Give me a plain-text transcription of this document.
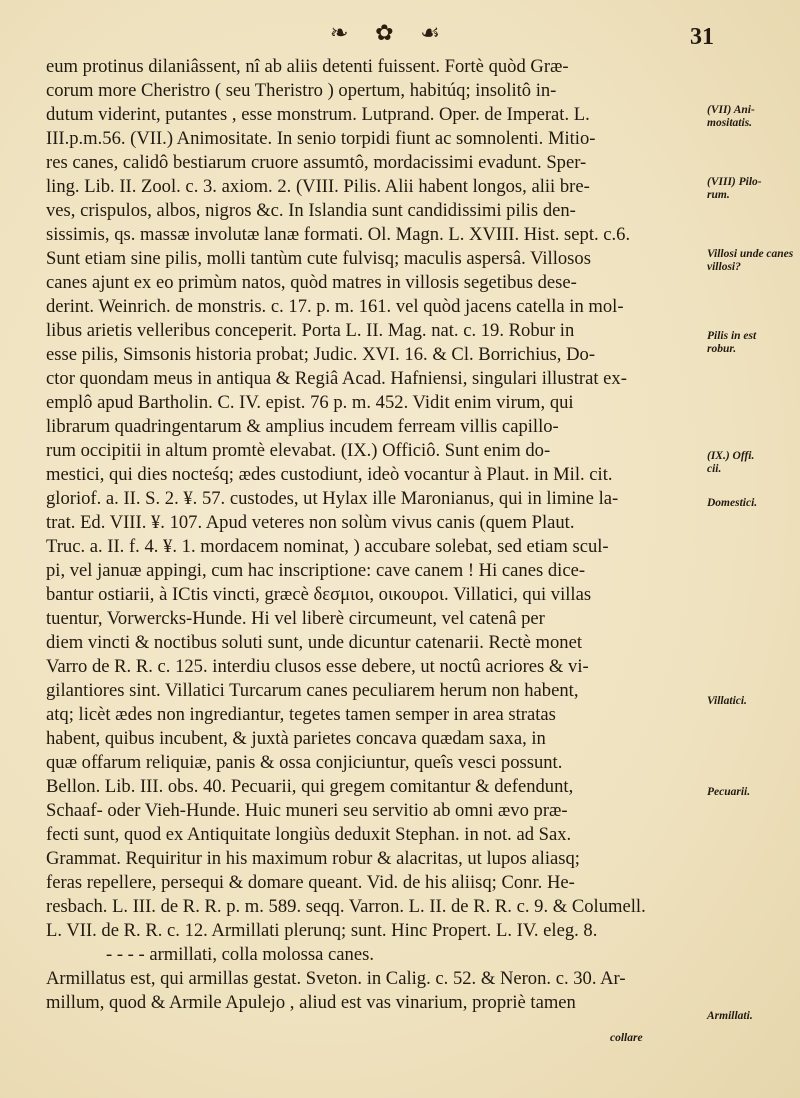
❧ ✿ ☙	31
eum protinus dilaniâssent, nî ab aliis detenti fuissent. Fortè quòd Græ-
corum more Cheristro ( seu Theristro ) opertum, habitúq; insolitô in-
dutum viderint, putantes , esse monstrum. Lutprand. Oper. de Imperat. L.
III.p.m.56. (VII.) Animositate. In senio torpidi fiunt ac somnolenti. Mitio-
res canes, calidô bestiarum cruore assumtô, mordacissimi evadunt. Sper-
ling. Lib. II. Zool. c. 3. axiom. 2. (VIII. Pilis. Alii habent longos, alii bre-
ves, crispulos, albos, nigros &c. In Islandia sunt candidissimi pilis den-
sissimis, qs. massæ involutæ lanæ formati. Ol. Magn. L. XVIII. Hist. sept. c.6.
Sunt etiam sine pilis, molli tantùm cute fulvisq; maculis aspersâ. Villosos
canes ajunt ex eo primùm natos, quòd matres in villosis segetibus dese-
derint. Weinrich. de monstris. c. 17. p. m. 161. vel quòd jacens catella in mol-
libus arietis velleribus conceperit. Porta L. II. Mag. nat. c. 19. Robur in
esse pilis, Simsonis historia probat; Judic. XVI. 16. & Cl. Borrichius, Do-
ctor quondam meus in antiqua & Regiâ Acad. Hafniensi, singulari illustrat ex-
emplô apud Bartholin. C. IV. epist. 76 p. m. 452. Vidit enim virum, qui
librarum quadringentarum & amplius incudem ferream villis capillo-
rum occipitii in altum promtè elevabat. (IX.) Officiô. Sunt enim do-
mestici, qui dies nocteśq; ædes custodiunt, ideò vocantur à Plaut. in Mil. cit.
gloriof. a. II. S. 2. ¥. 57. custodes, ut Hylax ille Maronianus, qui in limine la-
trat. Ed. VIII. ¥. 107. Apud veteres non solùm vivus canis (quem Plaut.
Truc. a. II. f. 4. ¥. 1. mordacem nominat, ) accubare solebat, sed etiam scul-
pi, vel januæ appingi, cum hac inscriptione: cave canem ! Hi canes dice-
bantur ostiarii, à ICtis vincti, græcè δεσμιοι, οικουροι. Villatici, qui villas
tuentur, Vorwercks-Hunde. Hi vel liberè circumeunt, vel catenâ per
diem vincti & noctibus soluti sunt, unde dicuntur catenarii. Rectè monet
Varro de R. R. c. 125. interdiu clusos esse debere, ut noctû acriores & vi-
gilantiores sint. Villatici Turcarum canes peculiarem herum non habent,
atq; licèt ædes non ingrediantur, tegetes tamen semper in area stratas
habent, quibus incubent, & juxtà parietes concava quædam saxa, in
quæ offarum reliquiæ, panis & ossa conjiciuntur, queîs vesci possunt.
Bellon. Lib. III. obs. 40. Pecuarii, qui gregem comitantur & defendunt,
Schaaf- oder Vieh-Hunde. Huic muneri seu servitio ab omni ævo præ-
fecti sunt, quod ex Antiquitate longiùs deduxit Stephan. in not. ad Sax.
Grammat. Requiritur in his maximum robur & alacritas, ut lupos aliasq;
feras repellere, persequi & domare queant. Vid. de his aliisq; Conr. He-
resbach. L. III. de R. R. p. m. 589. seqq. Varron. L. II. de R. R. c. 9. & Columell.
L. VII. de R. R. c. 12. Armillati plerunq; sunt. Hinc Propert. L. IV. eleg. 8.
- - - - armillati, colla molossa canes.
Armillatus est, qui armillas gestat. Sveton. in Calig. c. 52. & Neron. c. 30. Ar-
millum, quod & Armile Apulejo , aliud est vas vinarium, propriè tamen
(VII) Ani-
mositatis.
(VIII) Pilo-
rum.
Villosi unde canes
villosi?
Pilis in est
robur.
(IX.) Offi.
cii.
Domestici.
Villatici.
Pecuarii.
Armillati.
collare
